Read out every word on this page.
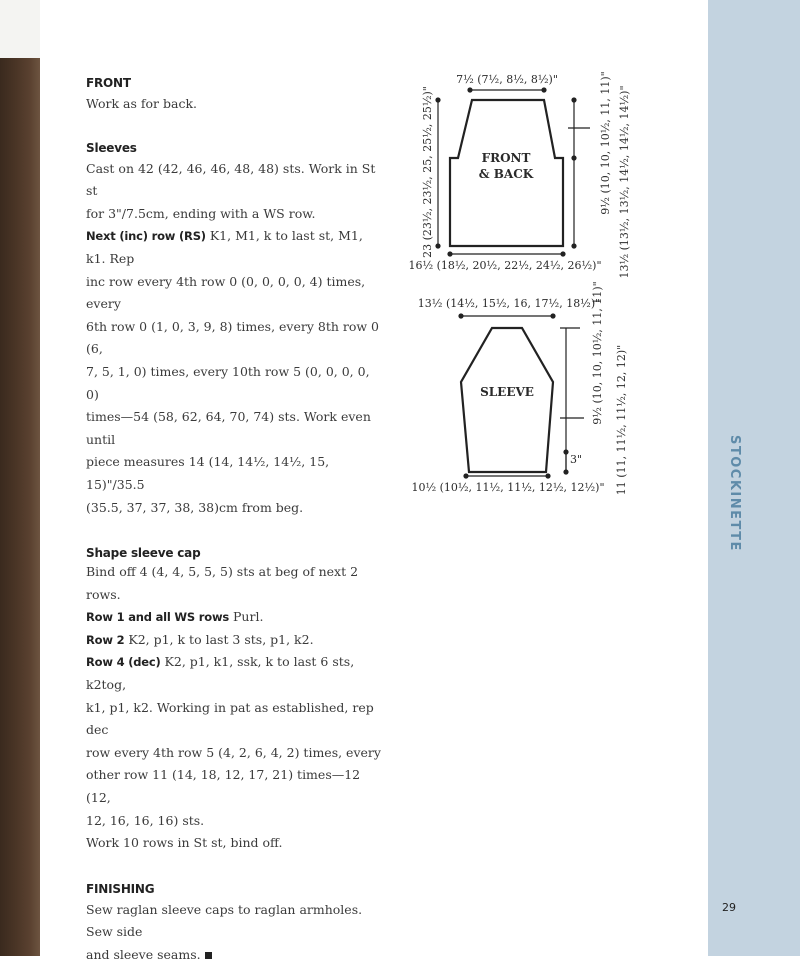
STOCKINETTE
29

FRONT

Work as for back.

Sleeves

Cast on 42 (42, 46, 46, 48, 48) sts. Work in St st

for 3"/7.5cm, ending with a WS row.

Next (inc) row (RS) K1, M1, k to last st, M1, k1. Rep

inc row every 4th row 0 (0, 0, 0, 0, 4) times, every

6th row 0 (1, 0, 3, 9, 8) times, every 8th row 0 (6,

7, 5, 1, 0) times, every 10th row 5 (0, 0, 0, 0, 0)

times—54 (58, 62, 64, 70, 74) sts. Work even until

piece measures 14 (14, 14½, 14½, 15, 15)"/35.5

(35.5, 37, 37, 38, 38)cm from beg.

Shape sleeve cap

Bind off 4 (4, 4, 5, 5, 5) sts at beg of next 2 rows.

Row 1 and all WS rows Purl.

Row 2 K2, p1, k to last 3 sts, p1, k2.

Row 4 (dec) K2, p1, k1, ssk, k to last 6 sts, k2tog,

k1, p1, k2. Working in pat as established, rep dec

row every 4th row 5 (4, 2, 6, 4, 2) times, every

other row 11 (14, 18, 12, 17, 21) times—12 (12,

12, 16, 16, 16) sts.

Work 10 rows in St st, bind off.

FINISHING

Sew raglan sleeve caps to raglan armholes. Sew side

and sleeve seams.

7½ (7½, 8½, 8½)"
FRONT
& BACK
23 (23½, 23½, 25, 25½, 25½)"	9½ (10, 10, 10½, 11, 11)" 13½ (13½, 13½, 14½, 14½, 14½)"
16½ (18½, 20½, 22½, 24½, 26½)"
13½ (14½, 15½, 16, 17½, 18½)"
SLEEVE	9½ (10, 10, 10½, 11, 11)" 11 (11, 11½, 11½, 12, 12)"
3"
10½ (10½, 11½, 11½, 12½, 12½)"
